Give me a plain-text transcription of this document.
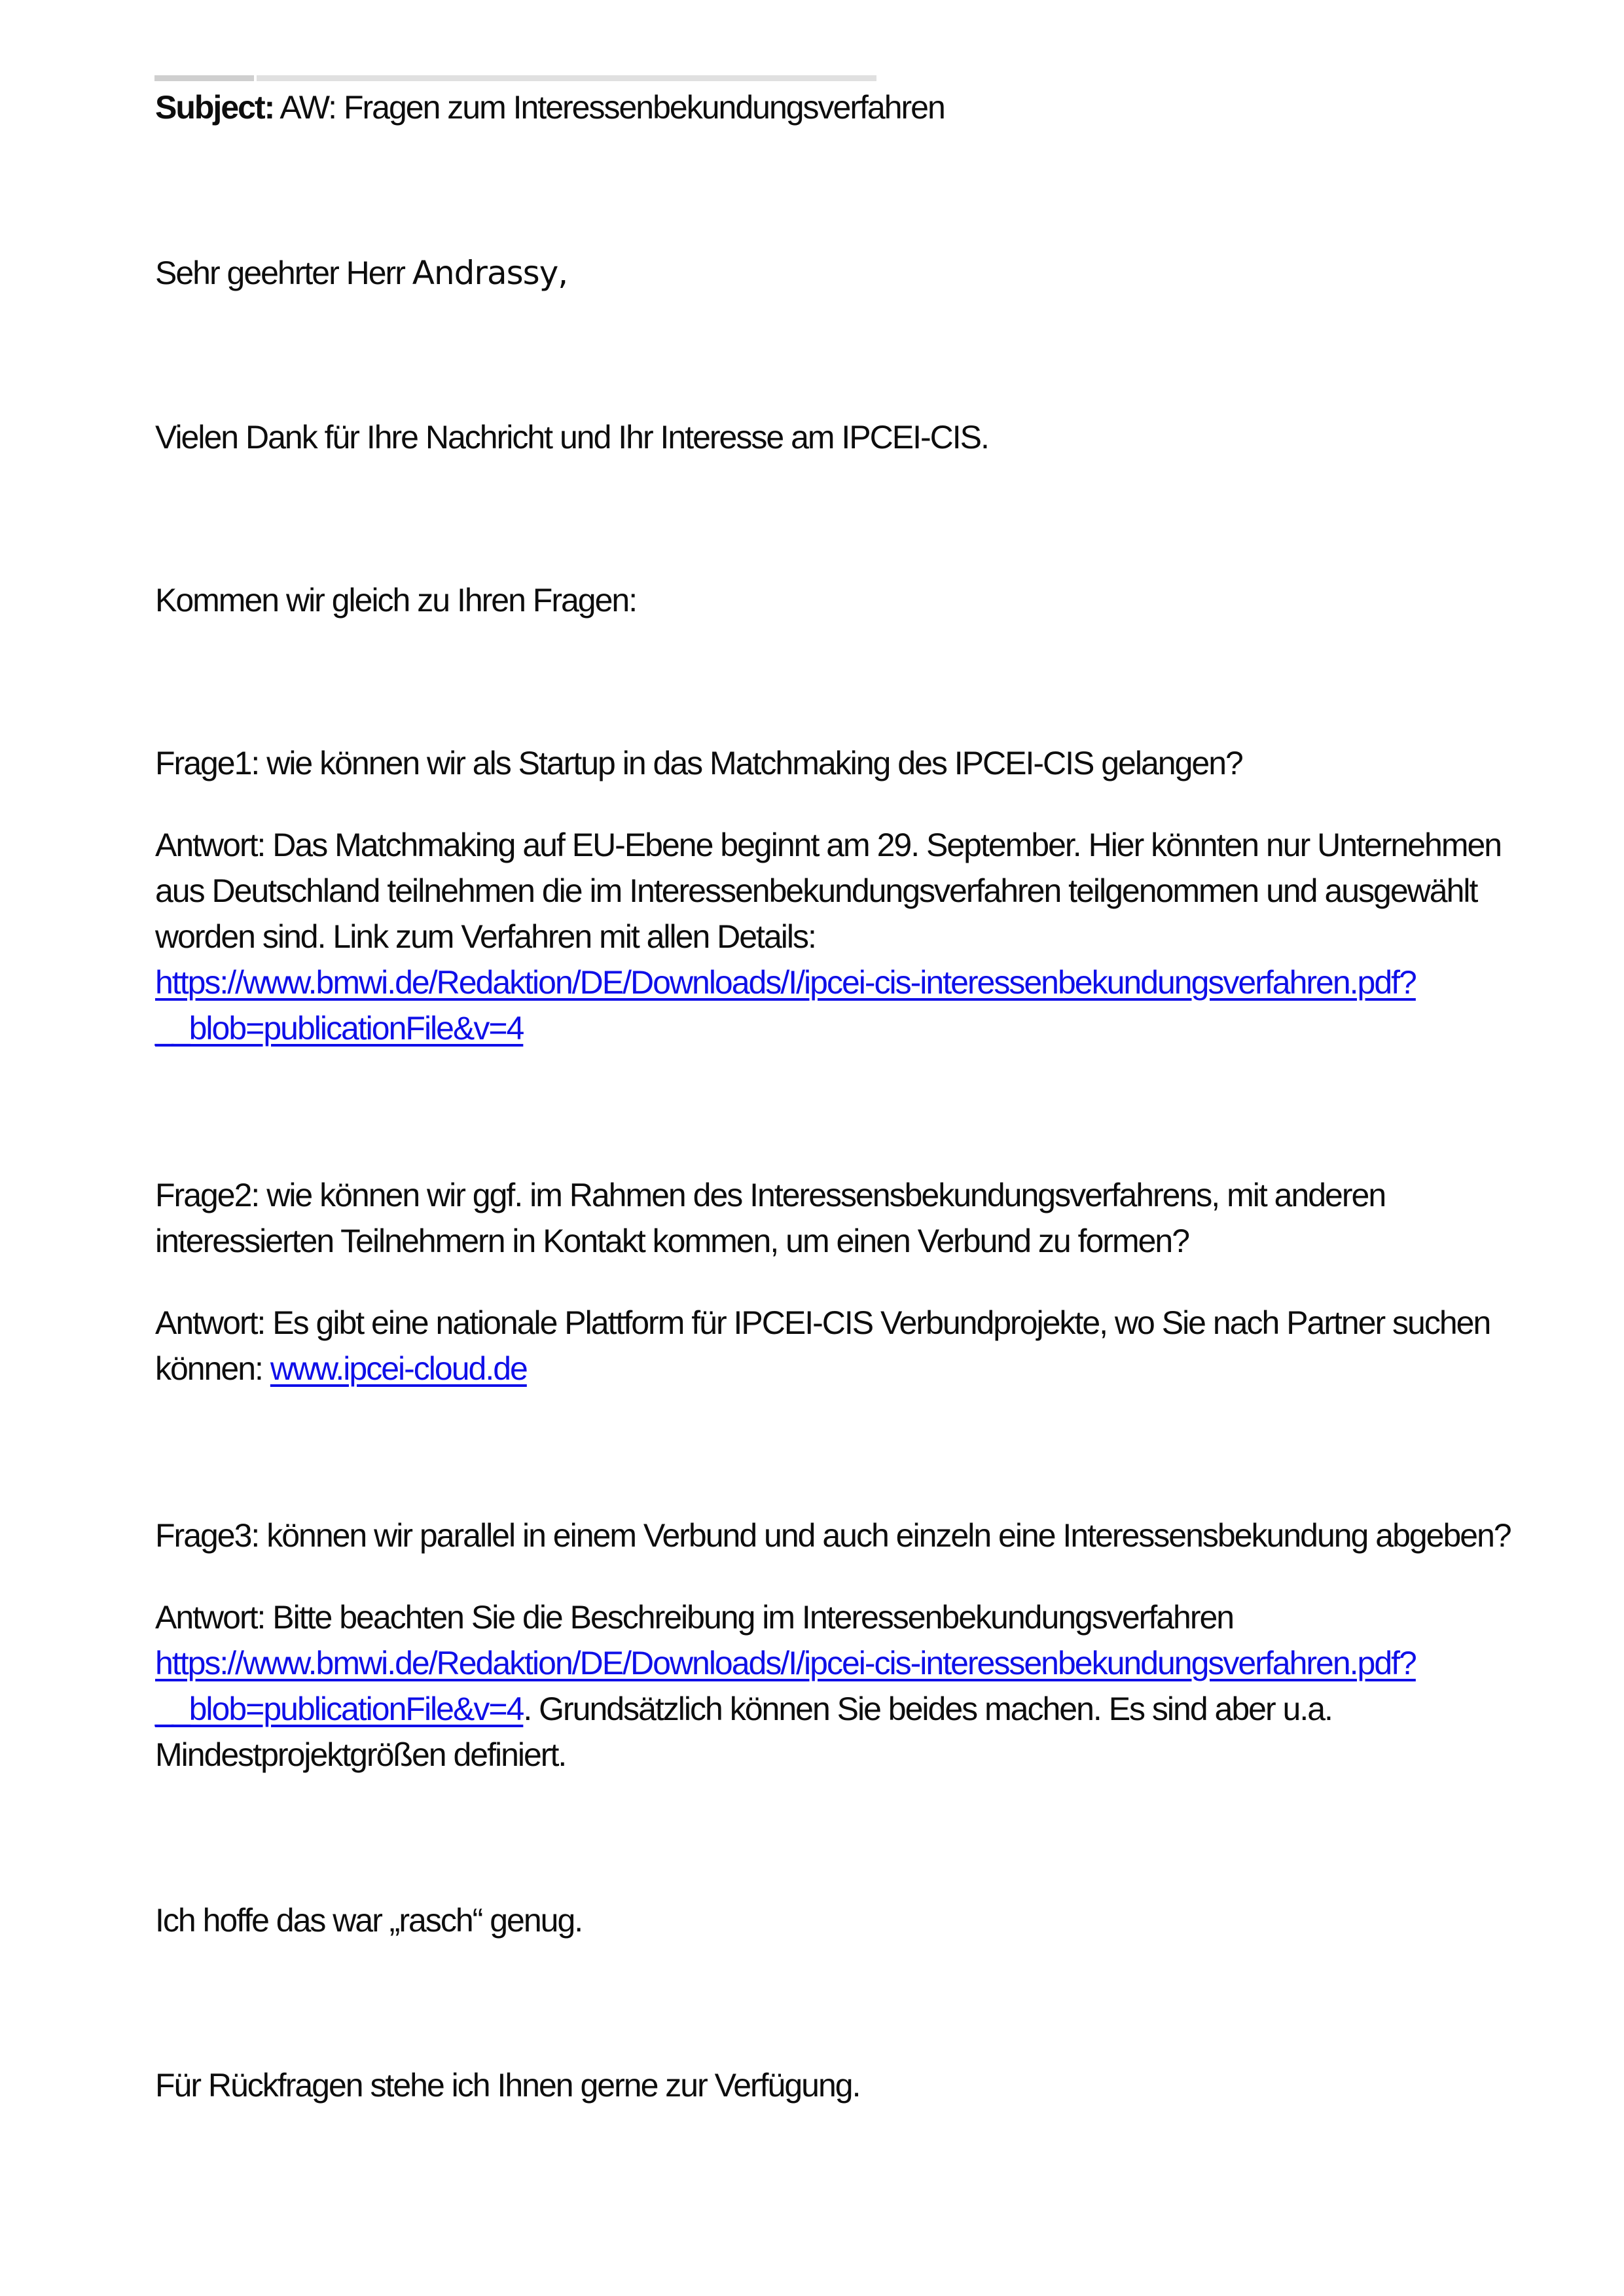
Subject: AW: Fragen zum Interessenbekundungsverfahren
Sehr geehrter Herr Andrassy,
Vielen Dank für Ihre Nachricht und Ihr Interesse am IPCEI-CIS.
Kommen wir gleich zu Ihren Fragen:
Frage1: wie können wir als Startup in das Matchmaking des IPCEI-CIS gelangen?
Antwort: Das Matchmaking auf EU-Ebene beginnt am 29. September. Hier könnten nur Unternehmen
aus Deutschland teilnehmen die im Interessenbekundungsverfahren teilgenommen und ausgewählt
worden sind. Link zum Verfahren mit allen Details:
https://www.bmwi.de/Redaktion/DE/Downloads/I/ipcei-cis-interessenbekundungsverfahren.pdf?
__blob=publicationFile&v=4
Frage2: wie können wir ggf. im Rahmen des Interessensbekundungsverfahrens, mit anderen
interessierten Teilnehmern in Kontakt kommen, um einen Verbund zu formen?
Antwort: Es gibt eine nationale Plattform für IPCEI-CIS Verbundprojekte, wo Sie nach Partner suchen
können: www.ipcei-cloud.de
Frage3: können wir parallel in einem Verbund und auch einzeln eine Interessensbekundung abgeben?
Antwort: Bitte beachten Sie die Beschreibung im Interessenbekundungsverfahren
https://www.bmwi.de/Redaktion/DE/Downloads/I/ipcei-cis-interessenbekundungsverfahren.pdf?
__blob=publicationFile&v=4. Grundsätzlich können Sie beides machen. Es sind aber u.a.
Mindestprojektgrößen definiert.
Ich hoffe das war „rasch“ genug.
Für Rückfragen stehe ich Ihnen gerne zur Verfügung.
